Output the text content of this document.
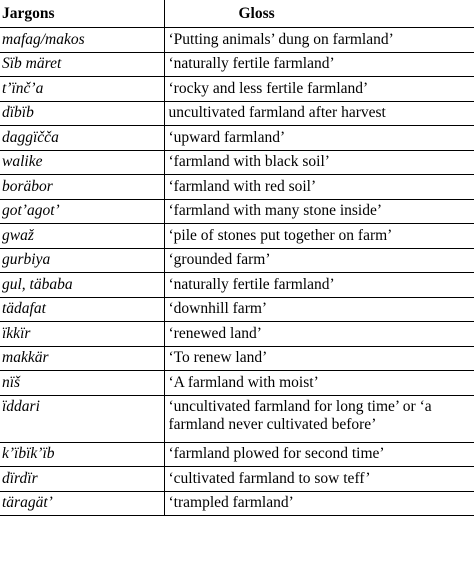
Jargons	Gloss
mafag/makos	‘Putting animals’ dung on farmland’
Sïb märet	‘naturally fertile farmland’
t’ïnč’a	‘rocky and less fertile farmland’
dïbïb	uncultivated farmland after harvest
daggïčča	‘upward farmland’
walike	‘farmland with black soil’
boräbor	‘farmland with red soil’
got’agot’	‘farmland with many stone inside’
gwaž	‘pile of stones put together on farm’
gurbiya	‘grounded farm’
gul, täbaba	‘naturally fertile farmland’
tädafat	‘downhill farm’
ïkkïr	‘renewed land’
makkär	‘To renew land’
nïš	‘A farmland with moist’
ïddari	‘uncultivated farmland for long time’ or ‘a farmland never cultivated before’
k’ïbïk’ïb	‘farmland plowed for second time’
dïrdïr	‘cultivated farmland to sow teff’
täragät’	‘trampled farmland’
